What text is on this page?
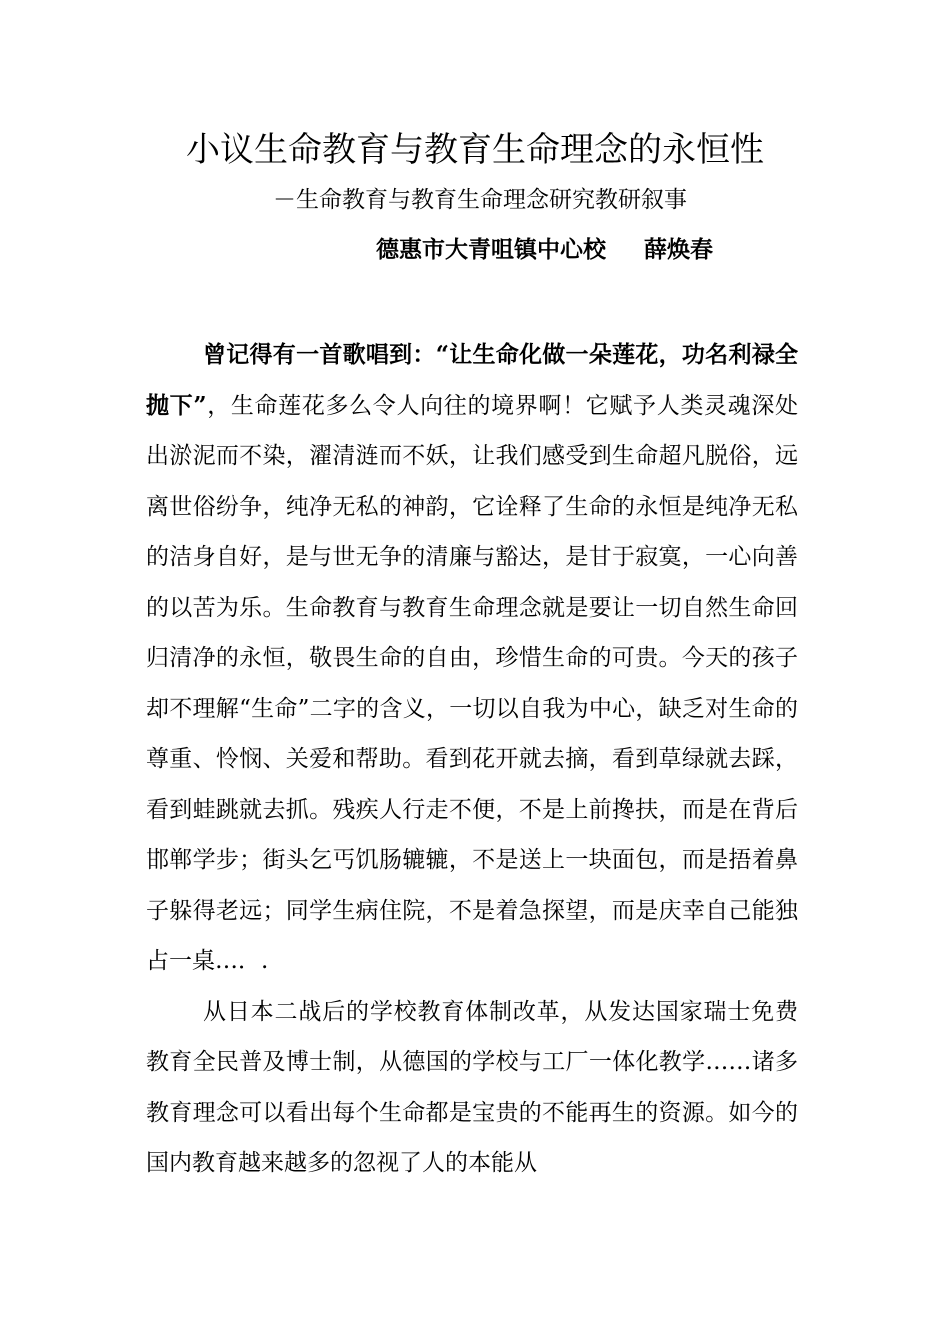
小议生命教育与教育生命理念的永恒性
－生命教育与教育生命理念研究教研叙事
德惠市大青咀镇中心校 薛焕春

曾记得有一首歌唱到：“让生命化做一朵莲花，功名利禄全抛下”，生命莲花多么令人向往的境界啊！它赋予人类灵魂深处出淤泥而不染，濯清涟而不妖，让我们感受到生命超凡脱俗，远离世俗纷争，纯净无私的神韵，它诠释了生命的永恒是纯净无私的洁身自好，是与世无争的清廉与豁达，是甘于寂寞，一心向善的以苦为乐。生命教育与教育生命理念就是要让一切自然生命回归清净的永恒，敬畏生命的自由，珍惜生命的可贵。今天的孩子却不理解“生命”二字的含义，一切以自我为中心，缺乏对生命的尊重、怜悯、关爱和帮助。看到花开就去摘，看到草绿就去踩，看到蛙跳就去抓。残疾人行走不便，不是上前搀扶，而是在背后邯郸学步；街头乞丐饥肠辘辘，不是送上一块面包，而是捂着鼻子躲得老远；同学生病住院，不是着急探望，而是庆幸自己能独占一桌…．.

从日本二战后的学校教育体制改革，从发达国家瑞士免费教育全民普及博士制，从德国的学校与工厂一体化教学……诸多教育理念可以看出每个生命都是宝贵的不能再生的资源。如今的国内教育越来越多的忽视了人的本能从
